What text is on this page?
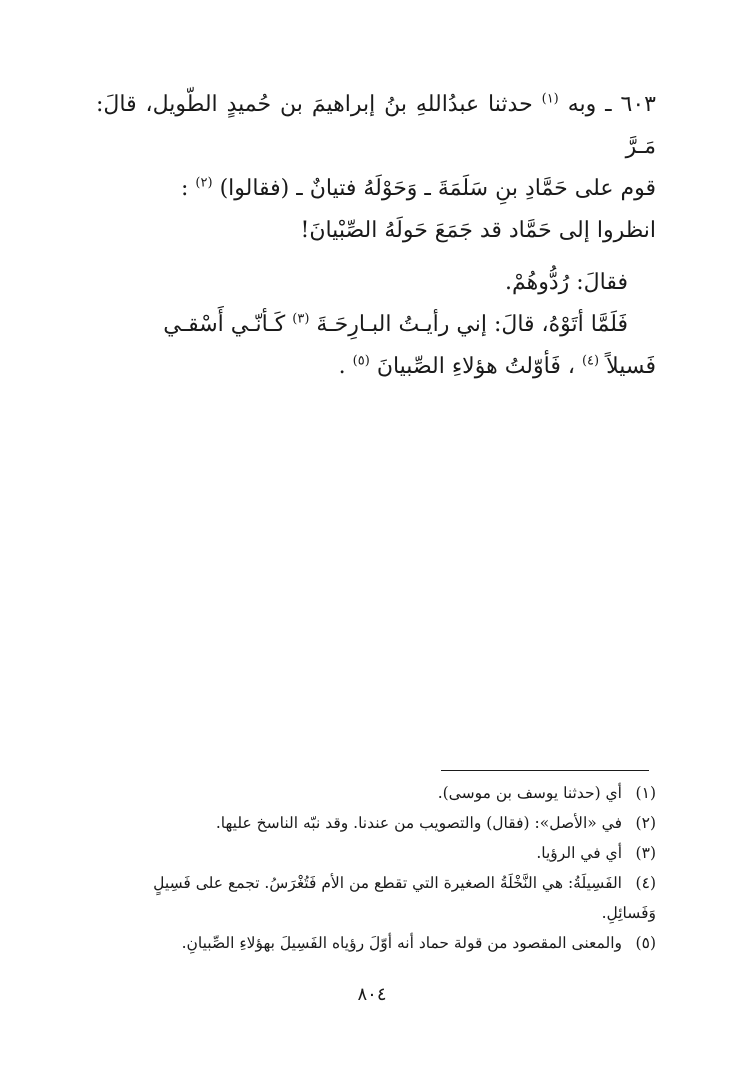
٦٠٣ ـ وبه $^{(١)}$ حدثنا عبدُاللهِ بنُ إبراهيمَ بن حُميدٍ الطّويل، قالَ: مَـرَّ

قوم على حَمَّادِ بنِ سَلَمَةَ ـ وَحَوْلَهُ فتيانٌ ـ (فقالوا) $^{(٢)}$ :

انظروا إلى حَمَّاد قد جَمَعَ حَولَهُ الصِّبْيانَ!

فقالَ: رُدُّوهُمْ.

فَلَمَّا أتَوْهُ، قالَ: إني رأيـتُ البـارِحَـةَ $^{(٣)}$ كَـأنّـي أَسْقـي

فَسيلاً $^{(٤)}$ ، فَأوّلتُ هؤلاءِ الصِّبيانَ $^{(٥)}$ .

(١)أي (حدثنا يوسف بن موسى).

(٢)في «الأصل»: (فقال) والتصويب من عندنا. وقد نبّه الناسخ عليها.

(٣)أي في الرؤيا.

(٤)الفَسِيلَةُ: هي النَّخْلَةُ الصغيرة التي تقطع من الأم فَتُغْرَسُ. تجمع على فَسِيلٍ

وَفَسائِلِ.

(٥)والمعنى المقصود من قولة حماد أنه أوّلَ رؤياه الفَسِيلَ بهؤلاءِ الصِّبيانِ.

٨٠٤
